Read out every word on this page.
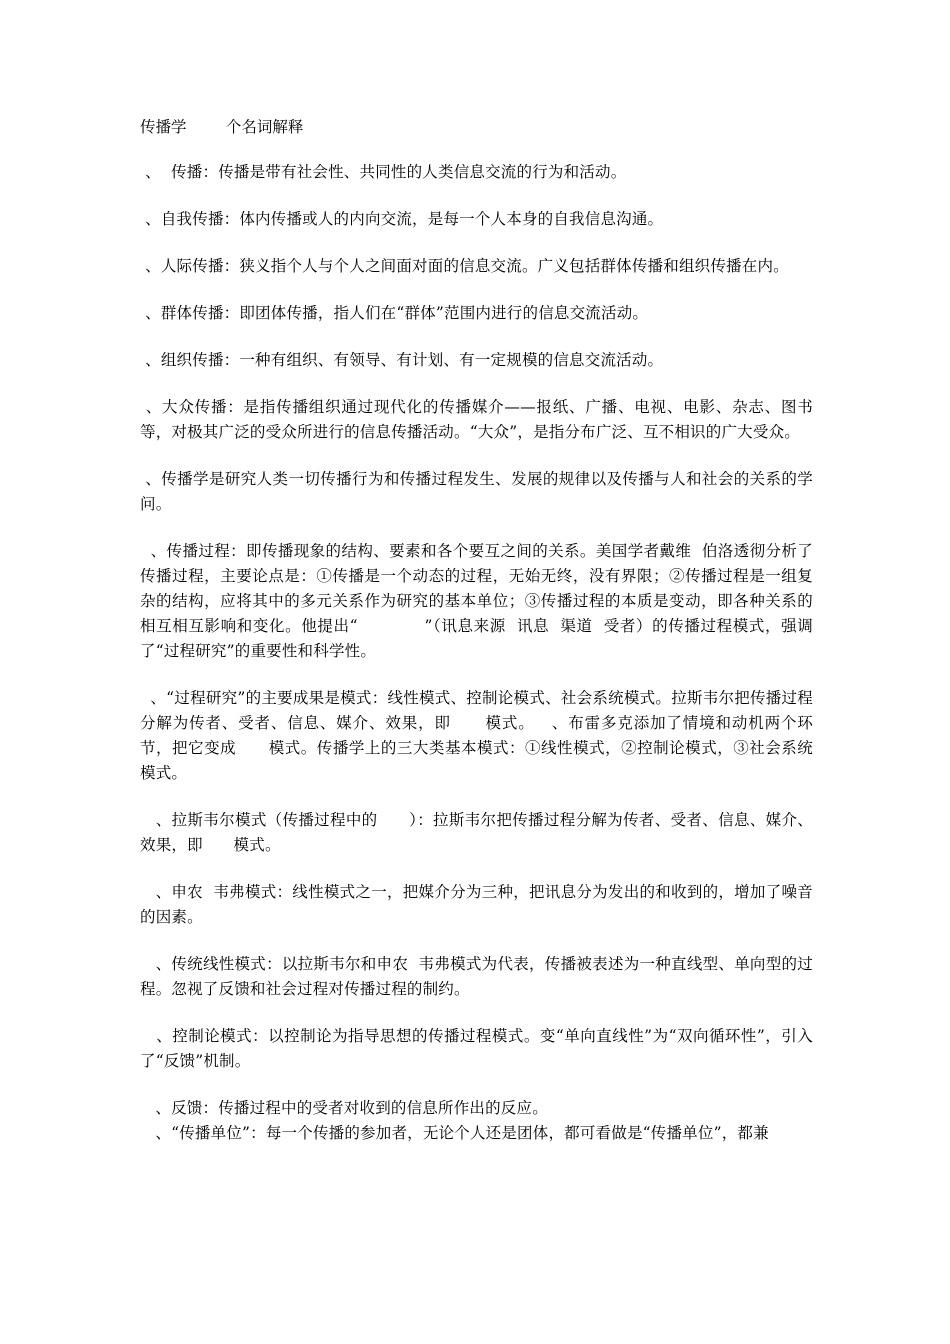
传播学        个名词解释
、  传播：传播是带有社会性、共同性的人类信息交流的行为和活动。
、自我传播：体内传播或人的内向交流，是每一个人本身的自我信息沟通。
、人际传播：狭义指个人与个人之间面对面的信息交流。广义包括群体传播和组织传播在内。
、群体传播：即团体传播，指人们在“群体”范围内进行的信息交流活动。
、组织传播：一种有组织、有领导、有计划、有一定规模的信息交流活动。
、大众传播：是指传播组织通过现代化的传播媒介——报纸、广播、电视、电影、杂志、图书等，对极其广泛的受众所进行的信息传播活动。“大众”，是指分布广泛、互不相识的广大受众。
、传播学是研究人类一切传播行为和传播过程发生、发展的规律以及传播与人和社会的关系的学问。
、传播过程：即传播现象的结构、要素和各个要互之间的关系。美国学者戴维  伯洛透彻分析了传播过程，主要论点是：①传播是一个动态的过程，无始无终，没有界限；②传播过程是一组复杂的结构，应将其中的多元关系作为研究的基本单位；③传播过程的本质是变动，即各种关系的相互相互影响和变化。他提出“            ”（讯息来源  讯息  渠道  受者）的传播过程模式，强调了“过程研究”的重要性和科学性。
、“过程研究”的主要成果是模式：线性模式、控制论模式、社会系统模式。拉斯韦尔把传播过程分解为传者、受者、信息、媒介、效果，即      模式。   、布雷多克添加了情境和动机两个环节，把它变成      模式。传播学上的三大类基本模式：①线性模式，②控制论模式，③社会系统模式。
、拉斯韦尔模式（传播过程中的      ）：拉斯韦尔把传播过程分解为传者、受者、信息、媒介、效果，即      模式。
、申农  韦弗模式：线性模式之一，把媒介分为三种，把讯息分为发出的和收到的，增加了噪音的因素。
、传统线性模式：以拉斯韦尔和申农  韦弗模式为代表，传播被表述为一种直线型、单向型的过程。忽视了反馈和社会过程对传播过程的制约。
、控制论模式：以控制论为指导思想的传播过程模式。变“单向直线性”为“双向循环性”，引入了“反馈”机制。
、反馈：传播过程中的受者对收到的信息所作出的反应。
、“传播单位”：每一个传播的参加者，无论个人还是团体，都可看做是“传播单位”，都兼
